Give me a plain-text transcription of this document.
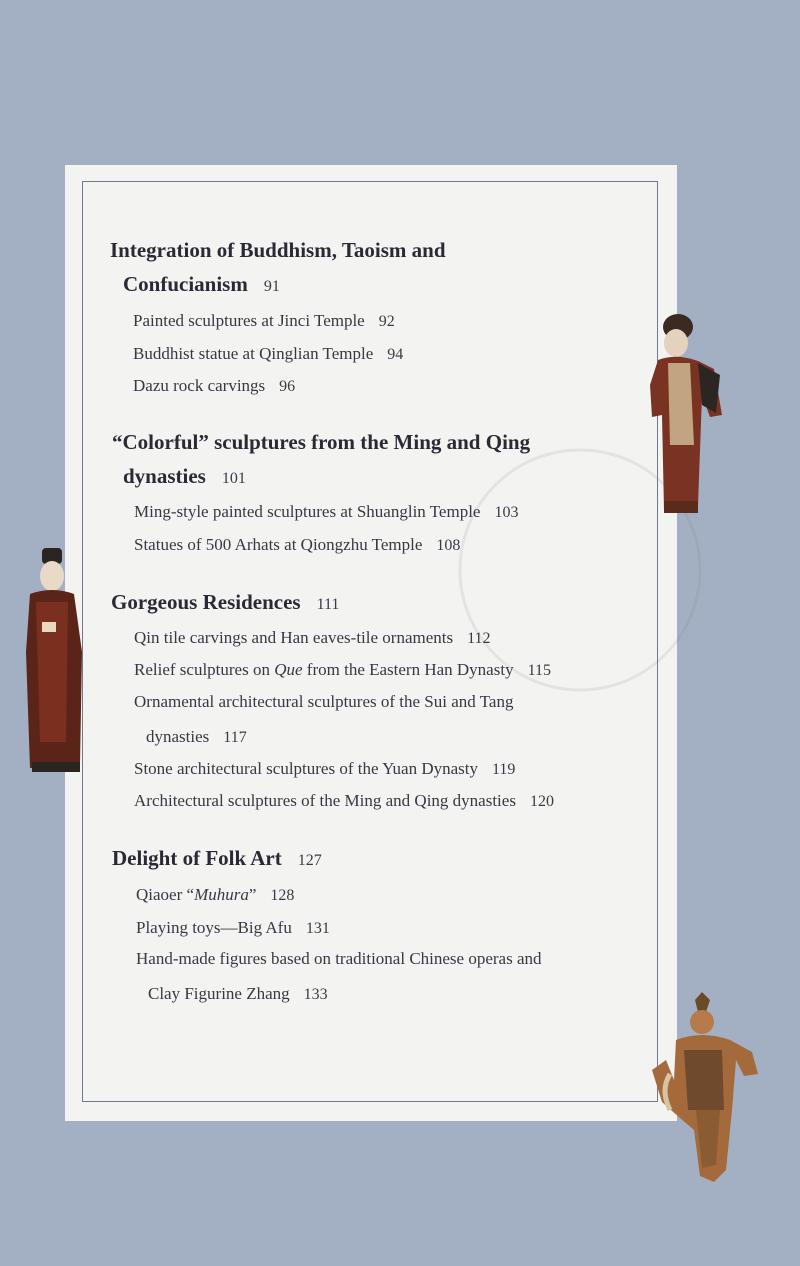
Integration of Buddhism, Taoism and
Confucianism 91
Painted sculptures at Jinci Temple 92
Buddhist statue at Qinglian Temple 94
Dazu rock carvings 96
“Colorful” sculptures from the Ming and Qing
dynasties 101
Ming-style painted sculptures at Shuanglin Temple 103
Statues of 500 Arhats at Qiongzhu Temple 108
Gorgeous Residences 111
Qin tile carvings and Han eaves-tile ornaments 112
Relief sculptures on Que from the Eastern Han Dynasty 115
Ornamental architectural sculptures of the Sui and Tang
dynasties 117
Stone architectural sculptures of the Yuan Dynasty 119
Architectural sculptures of the Ming and Qing dynasties 120
Delight of Folk Art 127
Qiaoer “Muhura” 128
Playing toys—Big Afu 131
Hand-made figures based on traditional Chinese operas and
Clay Figurine Zhang 133
